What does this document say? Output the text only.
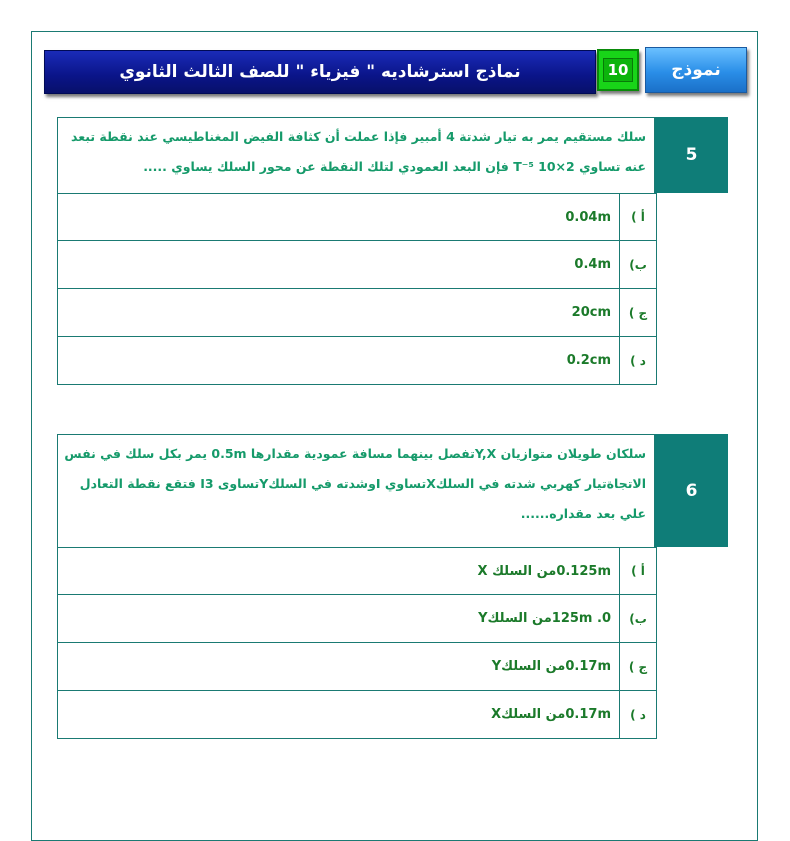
نماذج استرشاديه " فيزياء " للصف الثالث الثانوي	10	نموذج
سلك مستقيم يمر به تيار شدتة 4 أمبير فإذا عملت أن كثافة الفيض المغناطيسي عند نقطة تبعد
عنه تساوي T⁻⁵ 10×2 فإن البعد العمودي لتلك النقطة عن محور السلك يساوي .....
5
أ )
0.04m
ب)
0.4m
ج )
20cm
د )
0.2cm
سلكان طويلان متوازيان Y,Xتفصل بينهما مسافة عمودية مقدارها 0.5m يمر بكل سلك في نفس
الاتجاةتيار كهربي شدته في السلكXتساوي Iوشدته في السلكYتساوى I3 فتقع نقطة التعادل
علي بعد مقداره......
6
أ )
0.125mمن السلك X
ب)
0. 125mمن السلكY
ج )
0.17mمن السلكY
د )
0.17mمن السلكX
